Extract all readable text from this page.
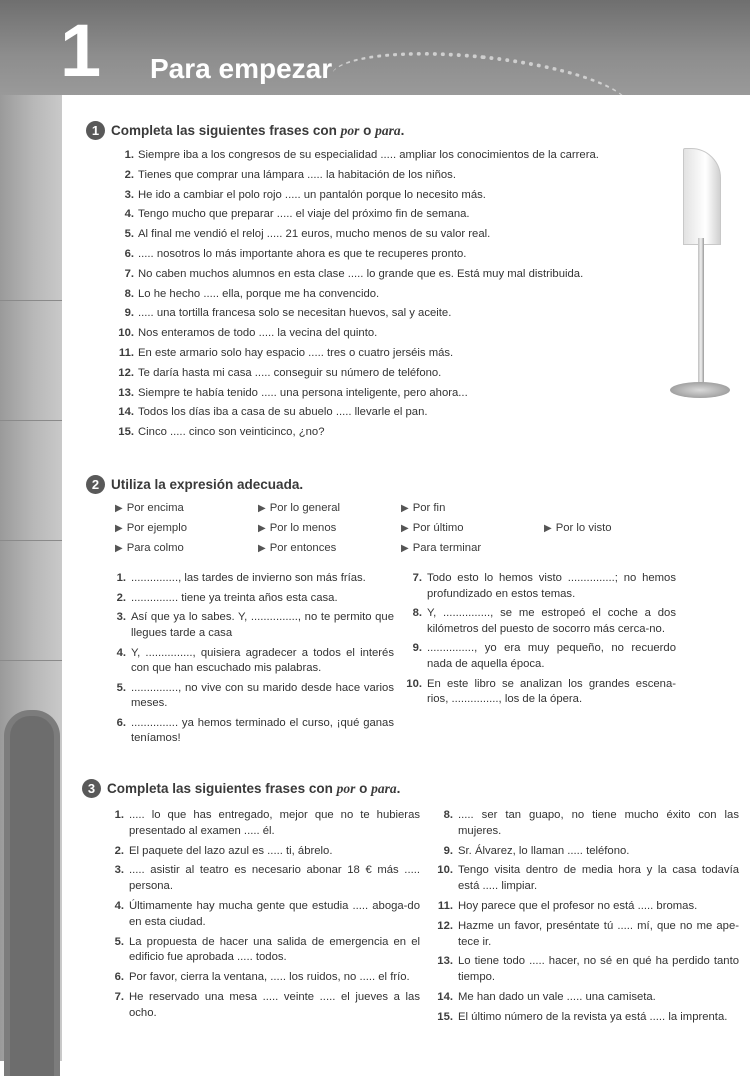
1 Para empezar
1 Completa las siguientes frases con por o para.
1. Siempre iba a los congresos de su especialidad ..... ampliar los conocimientos de la carrera.
2. Tienes que comprar una lámpara ..... la habitación de los niños.
3. He ido a cambiar el polo rojo ..... un pantalón porque lo necesito más.
4. Tengo mucho que preparar ..... el viaje del próximo fin de semana.
5. Al final me vendió el reloj ..... 21 euros, mucho menos de su valor real.
6. ..... nosotros lo más importante ahora es que te recuperes pronto.
7. No caben muchos alumnos en esta clase ..... lo grande que es. Está muy mal distribuida.
8. Lo he hecho ..... ella, porque me ha convencido.
9. ..... una tortilla francesa solo se necesitan huevos, sal y aceite.
10. Nos enteramos de todo ..... la vecina del quinto.
11. En este armario solo hay espacio ..... tres o cuatro jerséis más.
12. Te daría hasta mi casa ..... conseguir su número de teléfono.
13. Siempre te había tenido ..... una persona inteligente, pero ahora...
14. Todos los días iba a casa de su abuelo ..... llevarle el pan.
15. Cinco ..... cinco son veinticinco, ¿no?
2 Utiliza la expresión adecuada.
▶ Por encima
▶ Por ejemplo
▶ Para colmo
▶ Por lo general
▶ Por lo menos
▶ Por entonces
▶ Por fin
▶ Por último
▶ Para terminar
▶ Por lo visto
1. ..............., las tardes de invierno son más frías.
2. ............... tiene ya treinta años esta casa.
3. Así que ya lo sabes. Y, ..............., no te permito que llegues tarde a casa
4. Y, ..............., quisiera agradecer a todos el interés con que han escuchado mis palabras.
5. ..............., no vive con su marido desde hace varios meses.
6. ............... ya hemos terminado el curso, ¡qué ganas teníamos!
7. Todo esto lo hemos visto ...............; no hemos profundizado en estos temas.
8. Y, ..............., se me estropeó el coche a dos kilómetros del puesto de socorro más cerca-no.
9. ..............., yo era muy pequeño, no recuerdo nada de aquella época.
10. En este libro se analizan los grandes escena-rios, ..............., los de la ópera.
3 Completa las siguientes frases con por o para.
1. ..... lo que has entregado, mejor que no te hubieras presentado al examen ..... él.
2. El paquete del lazo azul es ..... ti, ábrelo.
3. ..... asistir al teatro es necesario abonar 18 € más ..... persona.
4. Últimamente hay mucha gente que estudia ..... aboga-do en esta ciudad.
5. La propuesta de hacer una salida de emergencia en el edificio fue aprobada ..... todos.
6. Por favor, cierra la ventana, ..... los ruidos, no ..... el frío.
7. He reservado una mesa ..... veinte ..... el jueves a las ocho.
8. ..... ser tan guapo, no tiene mucho éxito con las mujeres.
9. Sr. Álvarez, lo llaman ..... teléfono.
10. Tengo visita dentro de media hora y la casa todavía está ..... limpiar.
11. Hoy parece que el profesor no está ..... bromas.
12. Hazme un favor, preséntate tú ..... mí, que no me ape-tece ir.
13. Lo tiene todo ..... hacer, no sé en qué ha perdido tanto tiempo.
14. Me han dado un vale ..... una camiseta.
15. El último número de la revista ya está ..... la imprenta.
